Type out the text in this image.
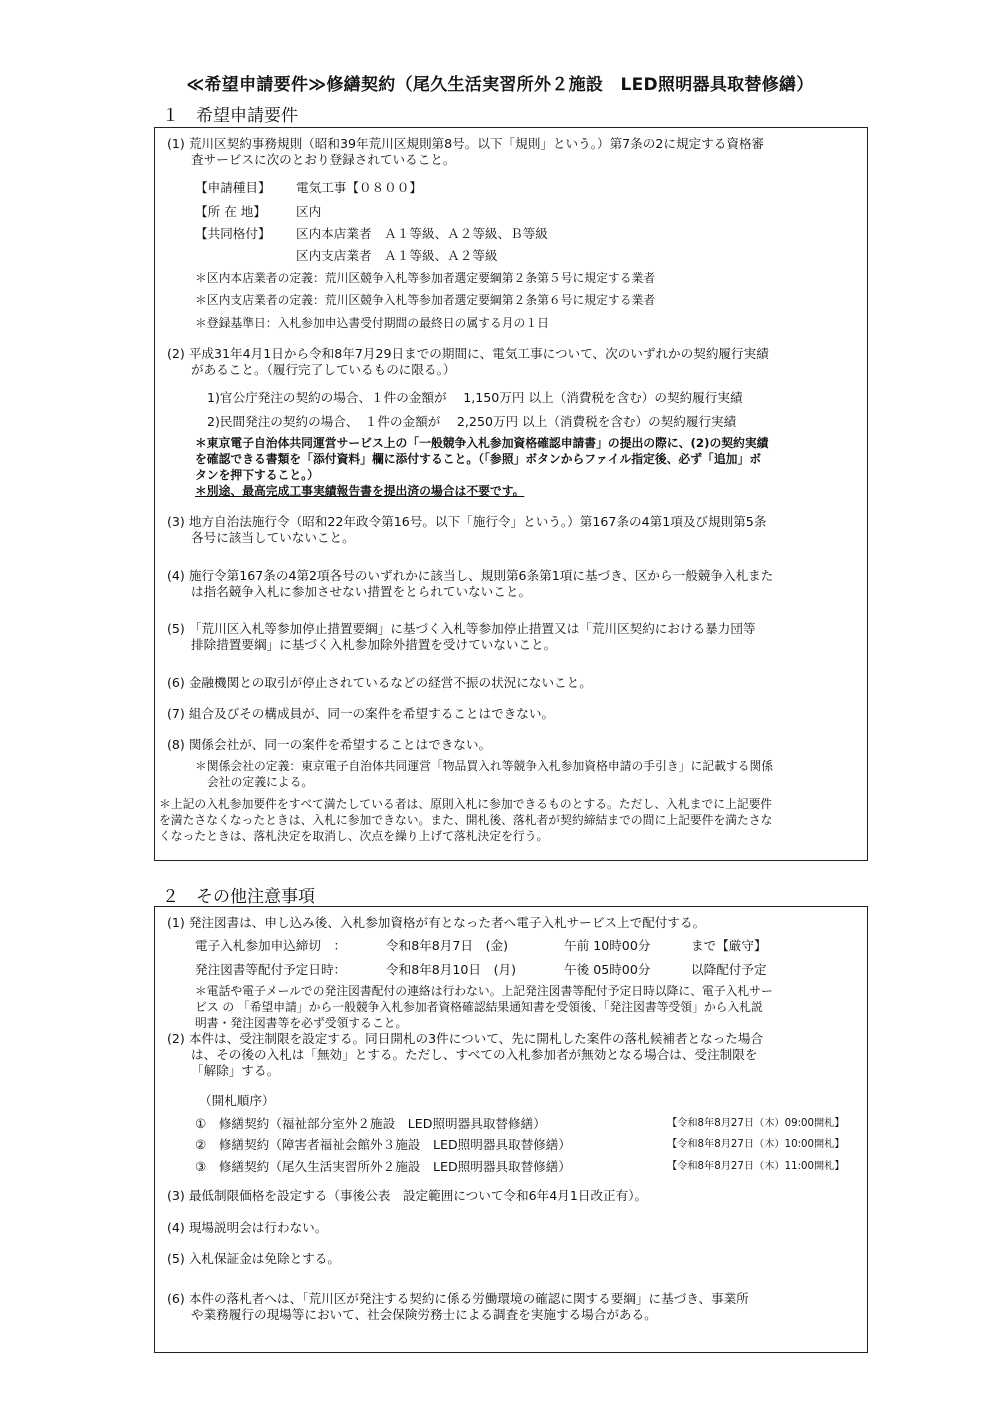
≪希望申請要件≫修繕契約（尾久生活実習所外２施設　LED照明器具取替修繕）
１　希望申請要件
(1) 荒川区契約事務規則（昭和39年荒川区規則第8号。以下「規則」という。）第7条の2に規定する資格審
査サービスに次のとおり登録されていること。
【申請種目】 電気工事【０８００】
【所 在 地】 区内
【共同格付】 区内本店業者　Ａ１等級、Ａ２等級、Ｂ等級
区内支店業者　Ａ１等級、Ａ２等級
＊区内本店業者の定義：荒川区競争入札等参加者選定要綱第２条第５号に規定する業者
＊区内支店業者の定義：荒川区競争入札等参加者選定要綱第２条第６号に規定する業者
＊登録基準日：入札参加申込書受付期間の最終日の属する月の１日
(2) 平成31年4月1日から令和8年7月29日までの期間に、電気工事について、次のいずれかの契約履行実績
があること。（履行完了しているものに限る。）
1)官公庁発注の契約の場合、１件の金額が　 1,150万円 以上（消費税を含む）の契約履行実績
2)民間発注の契約の場合、　１件の金額が　 2,250万円 以上（消費税を含む）の契約履行実績
＊東京電子自治体共同運営サービス上の「一般競争入札参加資格確認申請書」の提出の際に、(2)の契約実績
を確認できる書類を「添付資料」欄に添付すること。（「参照」ボタンからファイル指定後、必ず「追加」ボ
タンを押下すること。）
＊別途、最高完成工事実績報告書を提出済の場合は不要です。
(3) 地方自治法施行令（昭和22年政令第16号。以下「施行令」という。）第167条の4第1項及び規則第5条
各号に該当していないこと。
(4) 施行令第167条の4第2項各号のいずれかに該当し、規則第6条第1項に基づき、区から一般競争入札また
は指名競争入札に参加させない措置をとられていないこと。
(5) 「荒川区入札等参加停止措置要綱」に基づく入札等参加停止措置又は「荒川区契約における暴力団等
排除措置要綱」に基づく入札参加除外措置を受けていないこと。
(6) 金融機関との取引が停止されているなどの経営不振の状況にないこと。
(7) 組合及びその構成員が、同一の案件を希望することはできない。
(8) 関係会社が、同一の案件を希望することはできない。
＊関係会社の定義：東京電子自治体共同運営「物品買入れ等競争入札参加資格申請の手引き」に記載する関係
会社の定義による。
＊上記の入札参加要件をすべて満たしている者は、原則入札に参加できるものとする。ただし、入札までに上記要件
を満たさなくなったときは、入札に参加できない。また、開札後、落札者が契約締結までの間に上記要件を満たさな
くなったときは、落札決定を取消し、次点を繰り上げて落札決定を行う。
２　その他注意事項
(1) 発注図書は、申し込み後、入札参加資格が有となった者へ電子入札サービス上で配付する。
電子入札参加申込締切　：	令和8年8月7日　(金)	午前 10時00分	まで【厳守】
発注図書等配付予定日時：	令和8年8月10日　(月)	午後 05時00分	以降配付予定
＊電話や電子メールでの発注図書配付の連絡は行わない。上記発注図書等配付予定日時以降に、電子入札サー
ビス の 「希望申請」から一般競争入札参加者資格確認結果通知書を受領後、「発注図書等受領」から入札説
明書・発注図書等を必ず受領すること。
(2) 本件は、受注制限を設定する。同日開札の3件について、先に開札した案件の落札候補者となった場合
は、その後の入札は「無効」とする。ただし、すべての入札参加者が無効となる場合は、受注制限を
「解除」する。
（開札順序）
①　修繕契約（福祉部分室外２施設　LED照明器具取替修繕）	【令和8年8月27日（木）09:00開札】
②　修繕契約（障害者福祉会館外３施設　LED照明器具取替修繕）	【令和8年8月27日（木）10:00開札】
③　修繕契約（尾久生活実習所外２施設　LED照明器具取替修繕）	【令和8年8月27日（木）11:00開札】
(3) 最低制限価格を設定する（事後公表　設定範囲について令和6年4月1日改正有）。
(4) 現場説明会は行わない。
(5) 入札保証金は免除とする。
(6) 本件の落札者へは、「荒川区が発注する契約に係る労働環境の確認に関する要綱」に基づき、事業所
や業務履行の現場等において、社会保険労務士による調査を実施する場合がある。
